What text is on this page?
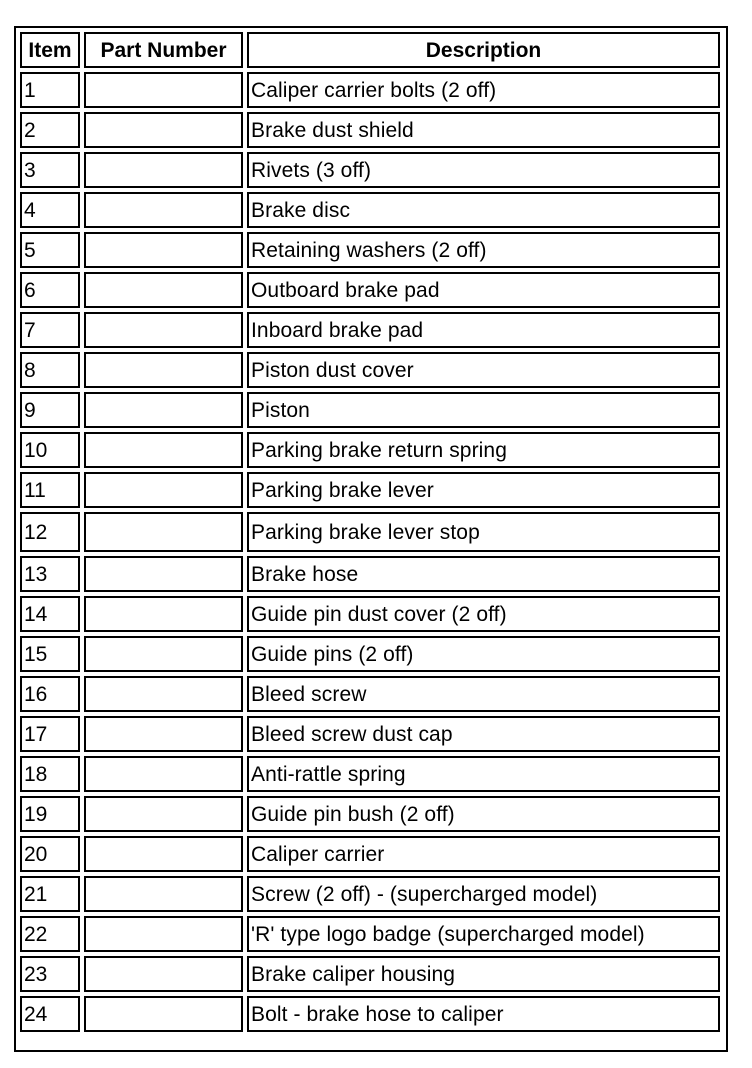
Item	Part Number	Description
1		Caliper carrier bolts (2 off)
2		Brake dust shield
3		Rivets (3 off)
4		Brake disc
5		Retaining washers (2 off)
6		Outboard brake pad
7		Inboard brake pad
8		Piston dust cover
9		Piston
10		Parking brake return spring
11		Parking brake lever
12		Parking brake lever stop
13		Brake hose
14		Guide pin dust cover (2 off)
15		Guide pins (2 off)
16		Bleed screw
17		Bleed screw dust cap
18		Anti-rattle spring
19		Guide pin bush (2 off)
20		Caliper carrier
21		Screw (2 off) - (supercharged model)
22		'R' type logo badge (supercharged model)
23		Brake caliper housing
24		Bolt - brake hose to caliper
